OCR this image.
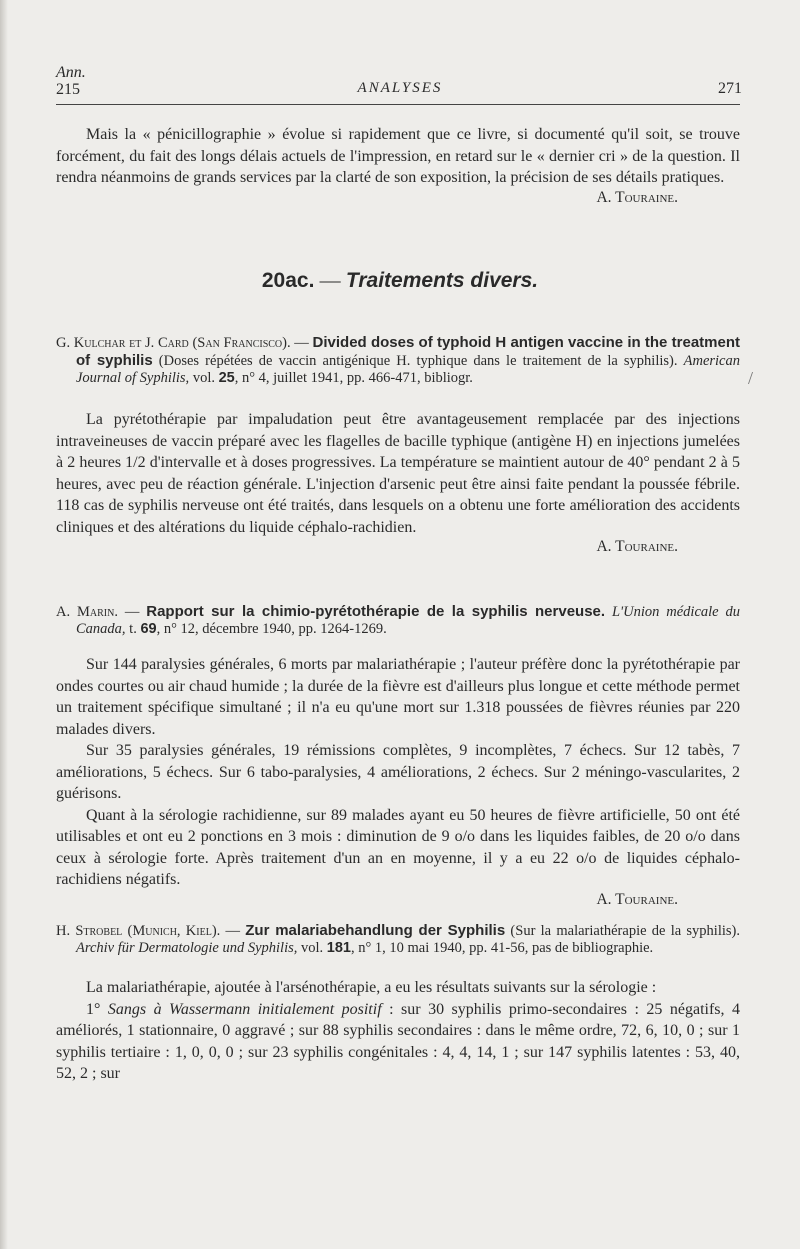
Ann.
215	ANALYSES	271

Mais la « pénicillographie » évolue si rapidement que ce livre, si documenté qu'il soit, se trouve forcément, du fait des longs délais actuels de l'impression, en retard sur le « dernier cri » de la question. Il rendra néanmoins de grands services par la clarté de son exposition, la précision de ses détails pratiques.

A. Touraine.

20ac. — Traitements divers.

G. Kulchar et J. Card (San Francisco). — Divided doses of typhoid H antigen vaccine in the treatment of syphilis (Doses répétées de vaccin antigénique H. typhique dans le traitement de la syphilis). American Journal of Syphilis, vol. 25, n° 4, juillet 1941, pp. 466-471, bibliogr.

La pyrétothérapie par impaludation peut être avantageusement remplacée par des injections intraveineuses de vaccin préparé avec les flagelles de bacille typhique (antigène H) en injections jumelées à 2 heures 1/2 d'intervalle et à doses progressives. La température se maintient autour de 40° pendant 2 à 5 heures, avec peu de réaction générale. L'injection d'arsenic peut être ainsi faite pendant la poussée fébrile. 118 cas de syphilis nerveuse ont été traités, dans lesquels on a obtenu une forte amélioration des accidents cliniques et des altérations du liquide céphalo-rachidien.

A. Touraine.

/

A. Marin. — Rapport sur la chimio-pyrétothérapie de la syphilis nerveuse. L'Union médicale du Canada, t. 69, n° 12, décembre 1940, pp. 1264-1269.

Sur 144 paralysies générales, 6 morts par malariathérapie ; l'auteur préfère donc la pyrétothérapie par ondes courtes ou air chaud humide ; la durée de la fièvre est d'ailleurs plus longue et cette méthode permet un traitement spécifique simultané ; il n'a eu qu'une mort sur 1.318 poussées de fièvres réunies par 220 malades divers.

Sur 35 paralysies générales, 19 rémissions complètes, 9 incomplètes, 7 échecs. Sur 12 tabès, 7 améliorations, 5 échecs. Sur 6 tabo-paralysies, 4 améliorations, 2 échecs. Sur 2 méningo-vascularites, 2 guérisons.

Quant à la sérologie rachidienne, sur 89 malades ayant eu 50 heures de fièvre artificielle, 50 ont été utilisables et ont eu 2 ponctions en 3 mois : diminution de 9 o/o dans les liquides faibles, de 20 o/o dans ceux à sérologie forte. Après traitement d'un an en moyenne, il y a eu 22 o/o de liquides céphalo-rachidiens négatifs.

A. Touraine.

H. Strobel (Munich, Kiel). — Zur malariabehandlung der Syphilis (Sur la malariathérapie de la syphilis). Archiv für Dermatologie und Syphilis, vol. 181, n° 1, 10 mai 1940, pp. 41-56, pas de bibliographie.

La malariathérapie, ajoutée à l'arsénothérapie, a eu les résultats suivants sur la sérologie :

1° Sangs à Wassermann initialement positif : sur 30 syphilis primo-secondaires : 25 négatifs, 4 améliorés, 1 stationnaire, 0 aggravé ; sur 88 syphilis secondaires : dans le même ordre, 72, 6, 10, 0 ; sur 1 syphilis tertiaire : 1, 0, 0, 0 ; sur 23 syphilis congénitales : 4, 4, 14, 1 ; sur 147 syphilis latentes : 53, 40, 52, 2 ; sur
